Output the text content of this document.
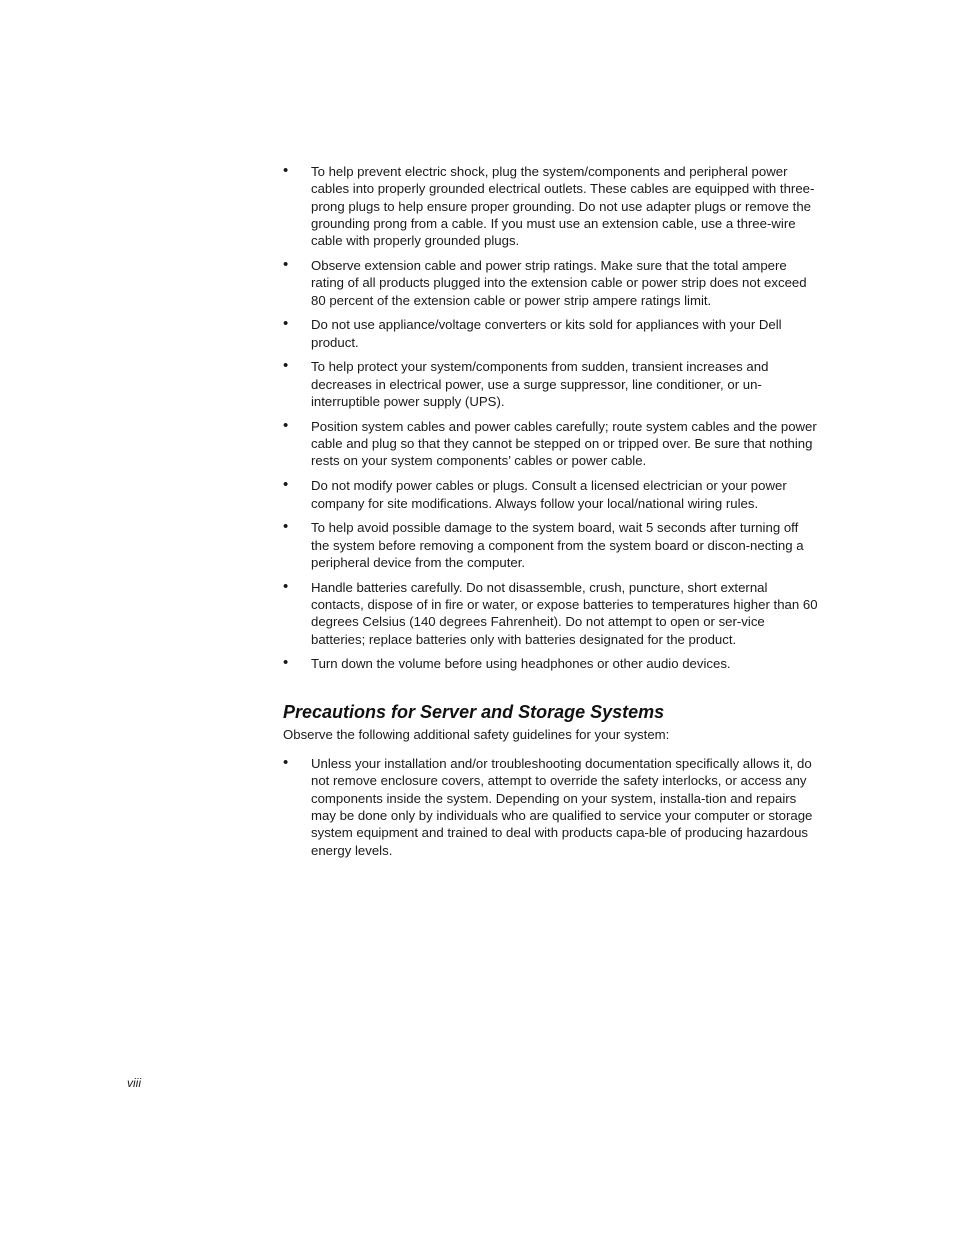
• To help prevent electric shock, plug the system/components and peripheral power cables into properly grounded electrical outlets. These cables are equipped with three-prong plugs to help ensure proper grounding. Do not use adapter plugs or remove the grounding prong from a cable. If you must use an extension cable, use a three-wire cable with properly grounded plugs.
• Observe extension cable and power strip ratings. Make sure that the total ampere rating of all products plugged into the extension cable or power strip does not exceed 80 percent of the extension cable or power strip ampere ratings limit.
• Do not use appliance/voltage converters or kits sold for appliances with your Dell product.
• To help protect your system/components from sudden, transient increases and decreases in electrical power, use a surge suppressor, line conditioner, or un-interruptible power supply (UPS).
• Position system cables and power cables carefully; route system cables and the power cable and plug so that they cannot be stepped on or tripped over. Be sure that nothing rests on your system components’ cables or power cable.
• Do not modify power cables or plugs. Consult a licensed electrician or your power company for site modifications. Always follow your local/national wiring rules.
• To help avoid possible damage to the system board, wait 5 seconds after turning off the system before removing a component from the system board or discon-necting a peripheral device from the computer.
• Handle batteries carefully. Do not disassemble, crush, puncture, short external contacts, dispose of in fire or water, or expose batteries to temperatures higher than 60 degrees Celsius (140 degrees Fahrenheit). Do not attempt to open or ser-vice batteries; replace batteries only with batteries designated for the product.
• Turn down the volume before using headphones or other audio devices.
Precautions for Server and Storage Systems

Observe the following additional safety guidelines for your system:

• Unless your installation and/or troubleshooting documentation specifically allows it, do not remove enclosure covers, attempt to override the safety interlocks, or access any components inside the system. Depending on your system, installa-tion and repairs may be done only by individuals who are qualified to service your computer or storage system equipment and trained to deal with products capa-ble of producing hazardous energy levels.
viii
